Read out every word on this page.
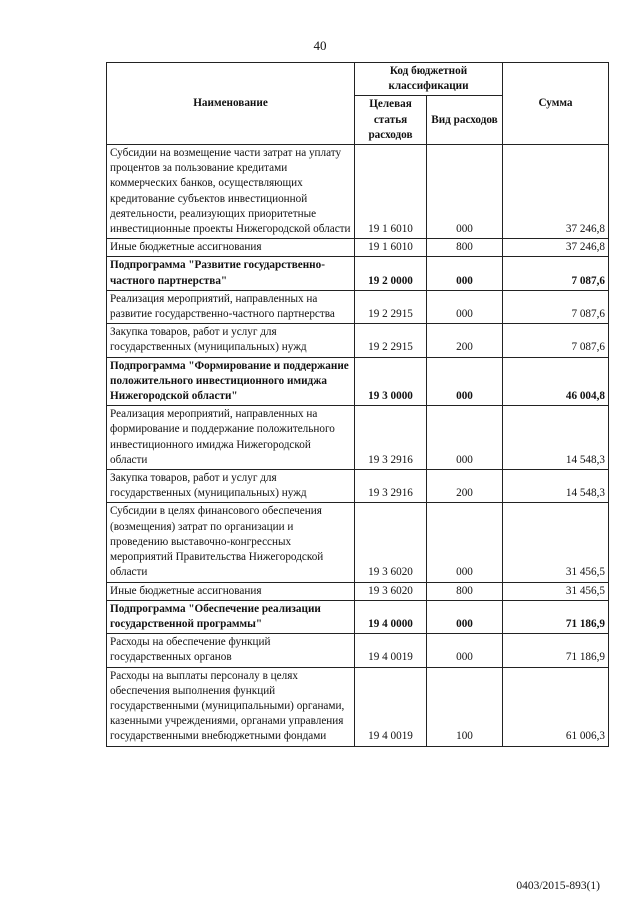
40
Наименование	Код бюджетной классификации		Сумма
	Целевая статья расходов	Вид расходов	
Субсидии на возмещение части затрат на уплату процентов за пользование кредитами коммерческих банков, осуществляющих кредитование субъектов инвестиционной деятельности, реализующих приоритетные инвестиционные проекты Нижегородской области	19 1 6010	000	37 246,8
Иные бюджетные ассигнования	19 1 6010	800	37 246,8
Подпрограмма "Развитие государственно-частного партнерства"	19 2 0000	000	7 087,6
Реализация мероприятий, направленных на развитие государственно-частного партнерства	19 2 2915	000	7 087,6
Закупка товаров, работ и услуг для государственных (муниципальных) нужд	19 2 2915	200	7 087,6
Подпрограмма "Формирование и поддержание положительного инвестиционного имиджа Нижегородской области"	19 3 0000	000	46 004,8
Реализация мероприятий, направленных на формирование и поддержание положительного инвестиционного имиджа Нижегородской области	19 3 2916	000	14 548,3
Закупка товаров, работ и услуг для государственных (муниципальных) нужд	19 3 2916	200	14 548,3
Субсидии в целях финансового обеспечения (возмещения) затрат по организации и проведению выставочно-конгрессных мероприятий Правительства Нижегородской области	19 3 6020	000	31 456,5
Иные бюджетные ассигнования	19 3 6020	800	31 456,5
Подпрограмма "Обеспечение реализации государственной программы"	19 4 0000	000	71 186,9
Расходы на обеспечение функций государственных органов	19 4 0019	000	71 186,9
Расходы на выплаты персоналу в целях обеспечения выполнения функций государственными (муниципальными) органами, казенными учреждениями, органами управления государственными внебюджетными фондами	19 4 0019	100	61 006,3
0403/2015-893(1)
